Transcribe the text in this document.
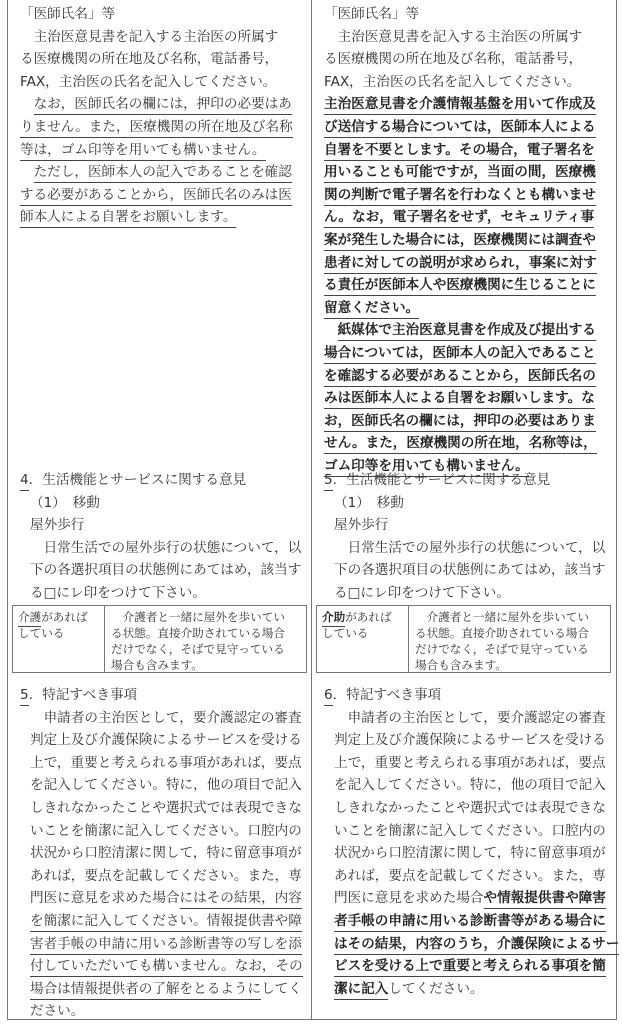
「医師氏名」等
　主治医意見書を記入する主治医の所属す
る医療機関の所在地及び名称，電話番号，
FAX，主治医の氏名を記入してください。
　なお，医師氏名の欄には，押印の必要はあ
りません。また，医療機関の所在地及び名称
等は，ゴム印等を用いても構いません。
　ただし，医師本人の記入であることを確認
する必要があることから，医師氏名のみは医
師本人による自署をお願いします。
4．生活機能とサービスに関する意見
（1）　移動
屋外歩行
　日常生活での屋外歩行の状態について，以
下の各選択項目の状態例にあてはめ，該当す
る□にレ印をつけて下さい。
介護があれば
している
　介護者と一緒に屋外を歩いてい
る状態。直接介助されている場合
だけでなく，そばで見守っている
場合も含みます。
5．特記すべき事項
　申請者の主治医として，要介護認定の審査
判定上及び介護保険によるサービスを受ける
上で，重要と考えられる事項があれば，要点
を記入してください。特に，他の項目で記入
しきれなかったことや選択式では表現できな
いことを簡潔に記入してください。口腔内の
状況から口腔清潔に関して，特に留意事項が
あれば，要点を記載してください。また，専
門医に意見を求めた場合にはその結果，内容
を簡潔に記入してください。情報提供書や障
害者手帳の申請に用いる診断書等の写しを添
付していただいても構いません。なお，その
場合は情報提供者の了解をとるようにしてく
ださい。
「医師氏名」等
　主治医意見書を記入する主治医の所属す
る医療機関の所在地及び名称，電話番号，
FAX，主治医の氏名を記入してください。
主治医意見書を介護情報基盤を用いて作成及
び送信する場合については，医師本人による
自署を不要とします。その場合，電子署名を
用いることも可能ですが，当面の間，医療機
関の判断で電子署名を行わなくとも構いませ
ん。なお，電子署名をせず，セキュリティ事
案が発生した場合には，医療機関には調査や
患者に対しての説明が求められ，事案に対す
る責任が医師本人や医療機関に生じることに
留意ください。
　紙媒体で主治医意見書を作成及び提出する
場合については，医師本人の記入であること
を確認する必要があることから，医師氏名の
みは医師本人による自署をお願いします。な
お，医師氏名の欄には，押印の必要はありま
せん。また，医療機関の所在地，名称等は，
ゴム印等を用いても構いません。
5．生活機能とサービスに関する意見
（1）　移動
屋外歩行
　日常生活での屋外歩行の状態について，以
下の各選択項目の状態例にあてはめ，該当す
る□にレ印をつけて下さい。
介助があれば
している
　介護者と一緒に屋外を歩いてい
る状態。直接介助されている場合
だけでなく，そばで見守っている
場合も含みます。
6．特記すべき事項
　申請者の主治医として，要介護認定の審査
判定上及び介護保険によるサービスを受ける
上で，重要と考えられる事項があれば，要点
を記入してください。特に，他の項目で記入
しきれなかったことや選択式では表現できな
いことを簡潔に記入してください。口腔内の
状況から口腔清潔に関して，特に留意事項が
あれば，要点を記載してください。また，専
門医に意見を求めた場合や情報提供書や障害
者手帳の申請に用いる診断書等がある場合に
はその結果，内容のうち，介護保険によるサー
ビスを受ける上で重要と考えられる事項を簡
潔に記入してください。
